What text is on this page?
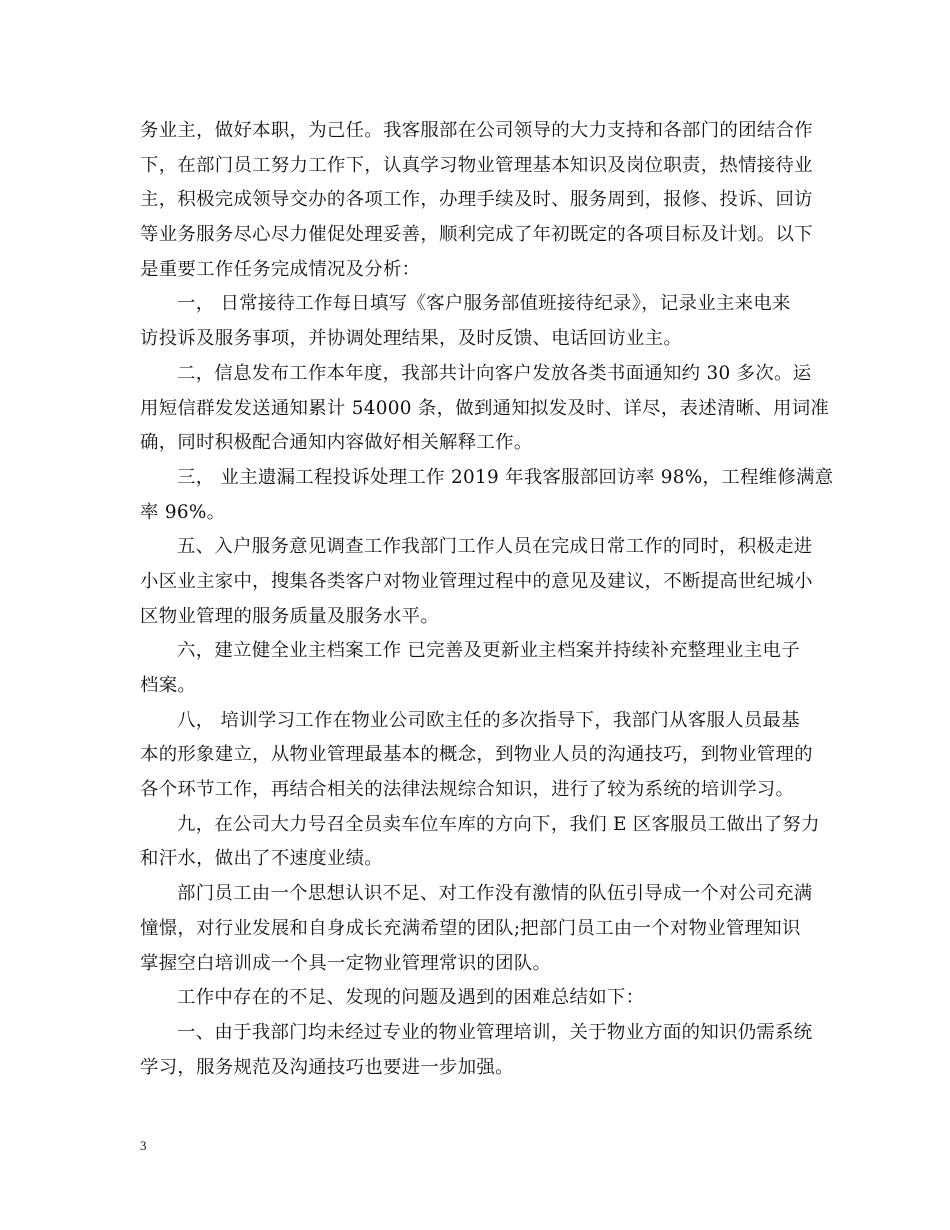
务业主，做好本职，为己任。我客服部在公司领导的大力支持和各部门的团结合作
下，在部门员工努力工作下，认真学习物业管理基本知识及岗位职责，热情接待业
主，积极完成领导交办的各项工作，办理手续及时、服务周到，报修、投诉、回访
等业务服务尽心尽力催促处理妥善，顺利完成了年初既定的各项目标及计划。以下
是重要工作任务完成情况及分析：
一， 日常接待工作每日填写《客户服务部值班接待纪录》，记录业主来电来
访投诉及服务事项，并协调处理结果，及时反馈、电话回访业主。
二，信息发布工作本年度，我部共计向客户发放各类书面通知约 30 多次。运
用短信群发发送通知累计 54000 条，做到通知拟发及时、详尽，表述清晰、用词准
确，同时积极配合通知内容做好相关解释工作。
三， 业主遗漏工程投诉处理工作 2019 年我客服部回访率 98%，工程维修满意
率 96%。
五、入户服务意见调查工作我部门工作人员在完成日常工作的同时，积极走进
小区业主家中，搜集各类客户对物业管理过程中的意见及建议，不断提高世纪城小
区物业管理的服务质量及服务水平。
六，建立健全业主档案工作 已完善及更新业主档案并持续补充整理业主电子
档案。
八， 培训学习工作在物业公司欧主任的多次指导下，我部门从客服人员最基
本的形象建立，从物业管理最基本的概念，到物业人员的沟通技巧，到物业管理的
各个环节工作，再结合相关的法律法规综合知识，进行了较为系统的培训学习。
九，在公司大力号召全员卖车位车库的方向下，我们 E 区客服员工做出了努力
和汗水，做出了不速度业绩。
部门员工由一个思想认识不足、对工作没有激情的队伍引导成一个对公司充满
憧憬，对行业发展和自身成长充满希望的团队;把部门员工由一个对物业管理知识
掌握空白培训成一个具一定物业管理常识的团队。
工作中存在的不足、发现的问题及遇到的困难总结如下：
一、由于我部门均未经过专业的物业管理培训，关于物业方面的知识仍需系统
学习，服务规范及沟通技巧也要进一步加强。
3
